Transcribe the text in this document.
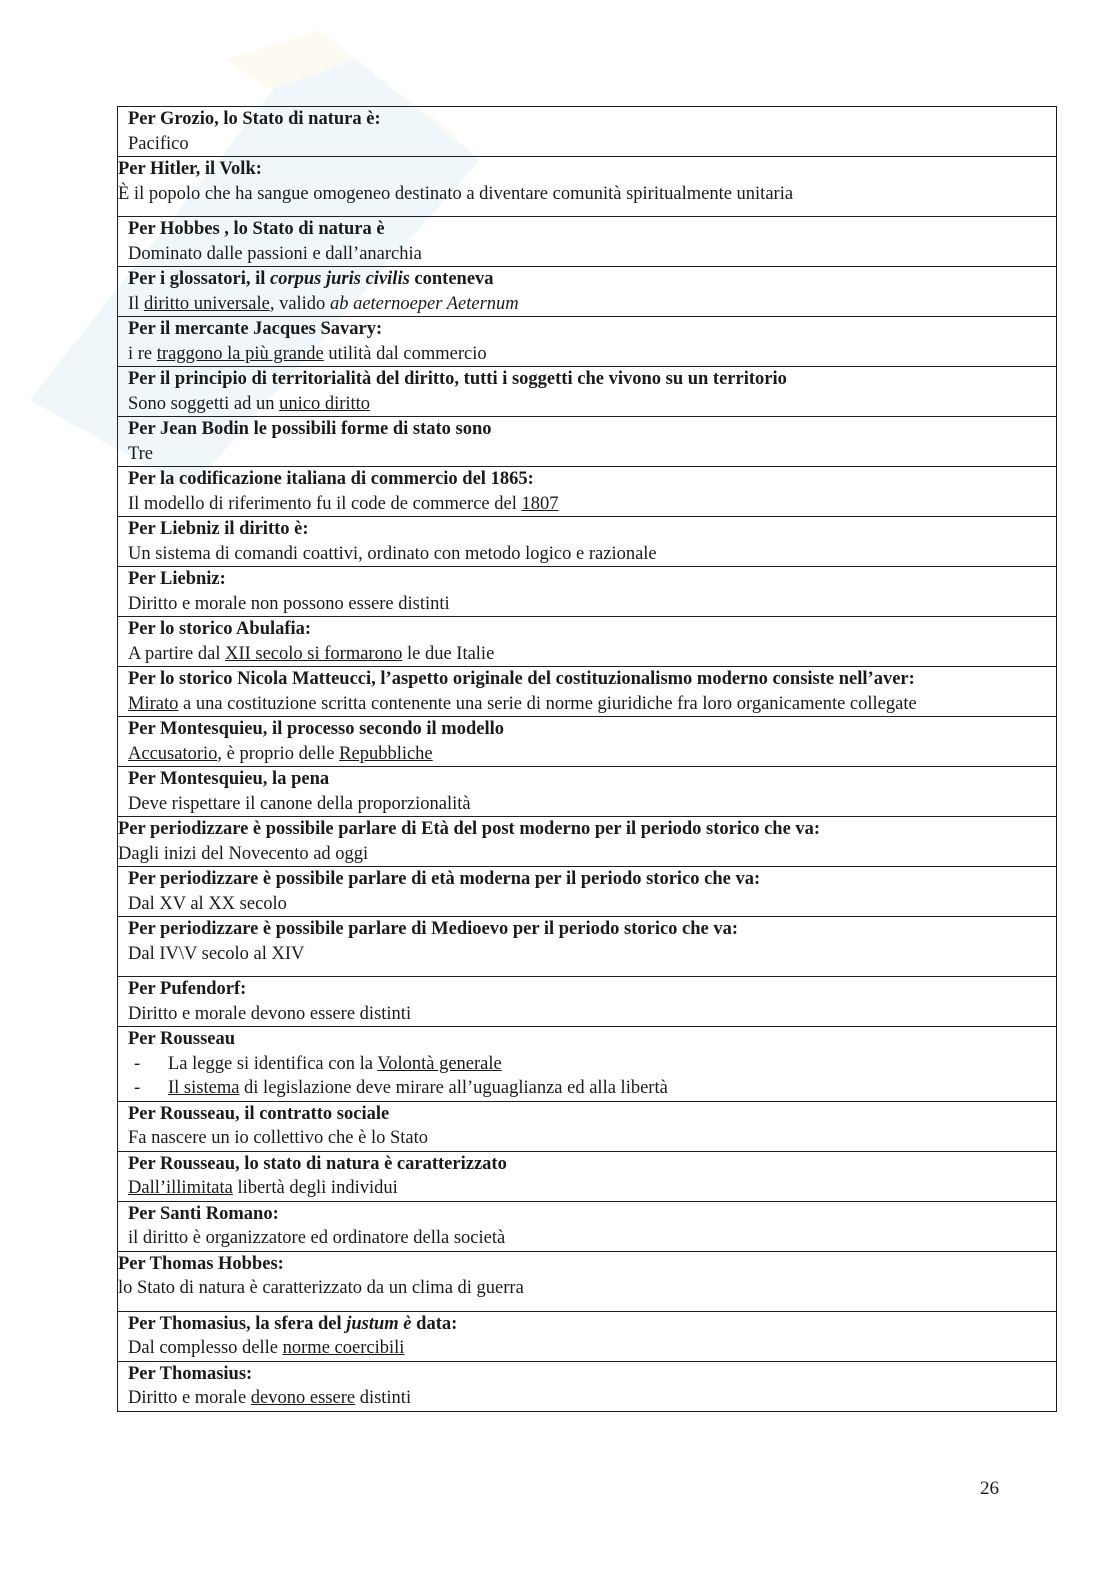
Per Grozio, lo Stato di natura è:
Pacifico

Per Hitler, il Volk:
È il popolo che ha sangue omogeneo destinato a diventare comunità spiritualmente unitaria

Per Hobbes , lo Stato di natura è
Dominato dalle passioni e dall’anarchia

Per i glossatori, il corpus juris civilis conteneva
Il diritto universale, valido ab aeternoeper Aeternum

Per il mercante Jacques Savary:
i re traggono la più grande utilità dal commercio

Per il principio di territorialità del diritto, tutti i soggetti che vivono su un territorio
Sono soggetti ad un unico diritto

Per Jean Bodin le possibili forme di stato sono
Tre

Per la codificazione italiana di commercio del 1865:
Il modello di riferimento fu il code de commerce del 1807

Per Liebniz il diritto è:
Un sistema di comandi coattivi, ordinato con metodo logico e razionale

Per Liebniz:
Diritto e morale non possono essere distinti

Per lo storico Abulafia:
A partire dal XII secolo si formarono le due Italie

Per lo storico Nicola Matteucci, l’aspetto originale del costituzionalismo moderno consiste nell’aver:
Mirato a una costituzione scritta contenente una serie di norme giuridiche fra loro organicamente collegate

Per Montesquieu, il processo secondo il modello
Accusatorio, è proprio delle Repubbliche

Per Montesquieu, la pena
Deve rispettare il canone della proporzionalità

Per periodizzare è possibile parlare di Età del post moderno per il periodo storico che va:
Dagli inizi del Novecento ad oggi

Per periodizzare è possibile parlare di età moderna per il periodo storico che va:
Dal XV al XX secolo

Per periodizzare è possibile parlare di Medioevo per il periodo storico che va:
Dal IV\V secolo al XIV

Per Pufendorf:
Diritto e morale devono essere distinti

Per Rousseau
- La legge si identifica con la Volontà generale
- Il sistema di legislazione deve mirare all’uguaglianza ed alla libertà

Per Rousseau, il contratto sociale
Fa nascere un io collettivo che è lo Stato

Per Rousseau, lo stato di natura è caratterizzato
Dall’illimitata libertà degli individui

Per Santi Romano:
il diritto è organizzatore ed ordinatore della società

Per Thomas Hobbes:
lo Stato di natura è caratterizzato da un clima di guerra

Per Thomasius, la sfera del justum è data:
Dal complesso delle norme coercibili

Per Thomasius:
Diritto e morale devono essere distinti
26
